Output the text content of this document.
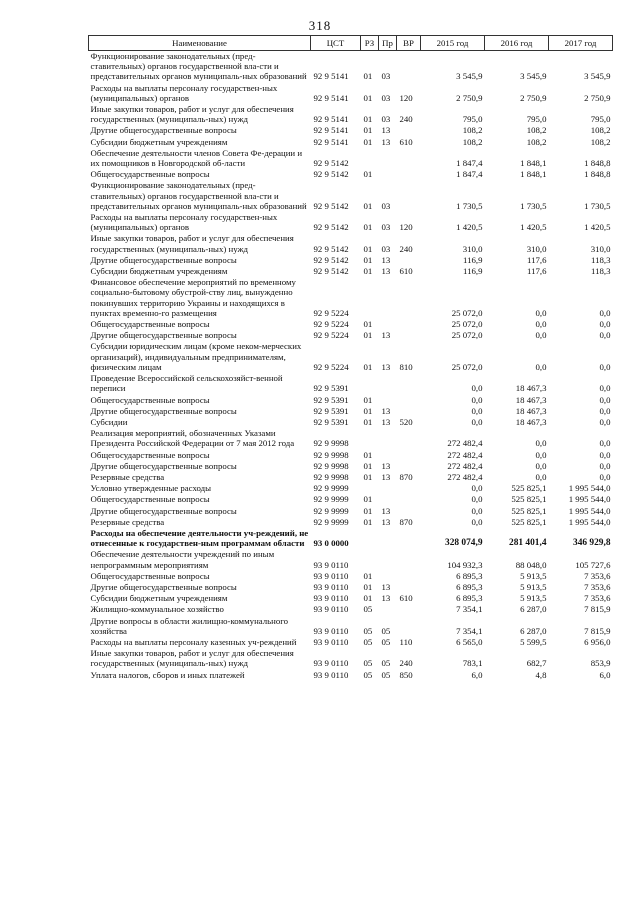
318
Наименование	ЦСТ	РЗ	Пр	ВР	2015 год	2016 год	2017 год
Функционирование законодательных (пред-ставительных) органов государственной вла-сти и представительных органов муниципаль-ных образований	92 9 5141	01	03		3 545,9	3 545,9	3 545,9
Расходы на выплаты персоналу государствен-ных (муниципальных) органов	92 9 5141	01	03	120	2 750,9	2 750,9	2 750,9
Иные закупки товаров, работ и услуг для обеспечения государственных (муниципаль-ных) нужд	92 9 5141	01	03	240	795,0	795,0	795,0
Другие общегосударственные вопросы	92 9 5141	01	13		108,2	108,2	108,2
Субсидии бюджетным учреждениям	92 9 5141	01	13	610	108,2	108,2	108,2
Обеспечение деятельности членов Совета Фе-дерации и их помощников в Новгородской об-ласти	92 9 5142				1 847,4	1 848,1	1 848,8
Общегосударственные вопросы	92 9 5142	01			1 847,4	1 848,1	1 848,8
Функционирование законодательных (пред-ставительных) органов государственной вла-сти и представительных органов муниципаль-ных образований	92 9 5142	01	03		1 730,5	1 730,5	1 730,5
Расходы на выплаты персоналу государствен-ных (муниципальных) органов	92 9 5142	01	03	120	1 420,5	1 420,5	1 420,5
Иные закупки товаров, работ и услуг для обеспечения государственных (муниципаль-ных) нужд	92 9 5142	01	03	240	310,0	310,0	310,0
Другие общегосударственные вопросы	92 9 5142	01	13		116,9	117,6	118,3
Субсидии бюджетным учреждениям	92 9 5142	01	13	610	116,9	117,6	118,3
Финансовое обеспечение мероприятий по временному социально-бытовому обустрой-ству лиц, вынужденно покинувших территорию Украины и находящихся в пунктах временно-го размещения	92 9 5224				25 072,0	0,0	0,0
Общегосударственные вопросы	92 9 5224	01			25 072,0	0,0	0,0
Другие общегосударственные вопросы	92 9 5224	01	13		25 072,0	0,0	0,0
Субсидии юридическим лицам (кроме неком-мерческих организаций), индивидуальным предпринимателям, физическим лицам	92 9 5224	01	13	810	25 072,0	0,0	0,0
Проведение Всероссийской сельскохозяйст-венной переписи	92 9 5391				0,0	18 467,3	0,0
Общегосударственные вопросы	92 9 5391	01			0,0	18 467,3	0,0
Другие общегосударственные вопросы	92 9 5391	01	13		0,0	18 467,3	0,0
Субсидии	92 9 5391	01	13	520	0,0	18 467,3	0,0
Реализация мероприятий, обозначенных Указами Президента Российской Федерации от 7 мая 2012 года	92 9 9998				272 482,4	0,0	0,0
Общегосударственные вопросы	92 9 9998	01			272 482,4	0,0	0,0
Другие общегосударственные вопросы	92 9 9998	01	13		272 482,4	0,0	0,0
Резервные средства	92 9 9998	01	13	870	272 482,4	0,0	0,0
Условно утвержденные расходы	92 9 9999				0,0	525 825,1	1 995 544,0
Общегосударственные вопросы	92 9 9999	01			0,0	525 825,1	1 995 544,0
Другие общегосударственные вопросы	92 9 9999	01	13		0,0	525 825,1	1 995 544,0
Резервные средства	92 9 9999	01	13	870	0,0	525 825,1	1 995 544,0
Расходы на обеспечение деятельности уч-реждений, не отнесенные к государствен-ным программам области	93 0 0000				328 074,9	281 401,4	346 929,8
Обеспечение деятельности учреждений по иным непрограммным мероприятиям	93 9 0110				104 932,3	88 048,0	105 727,6
Общегосударственные вопросы	93 9 0110	01			6 895,3	5 913,5	7 353,6
Другие общегосударственные вопросы	93 9 0110	01	13		6 895,3	5 913,5	7 353,6
Субсидии бюджетным учреждениям	93 9 0110	01	13	610	6 895,3	5 913,5	7 353,6
Жилищно-коммунальное хозяйство	93 9 0110	05			7 354,1	6 287,0	7 815,9
Другие вопросы в области жилищно-коммунального хозяйства	93 9 0110	05	05		7 354,1	6 287,0	7 815,9
Расходы на выплаты персоналу казенных уч-реждений	93 9 0110	05	05	110	6 565,0	5 599,5	6 956,0
Иные закупки товаров, работ и услуг для обеспечения государственных (муниципаль-ных) нужд	93 9 0110	05	05	240	783,1	682,7	853,9
Уплата налогов, сборов и иных платежей	93 9 0110	05	05	850	6,0	4,8	6,0
